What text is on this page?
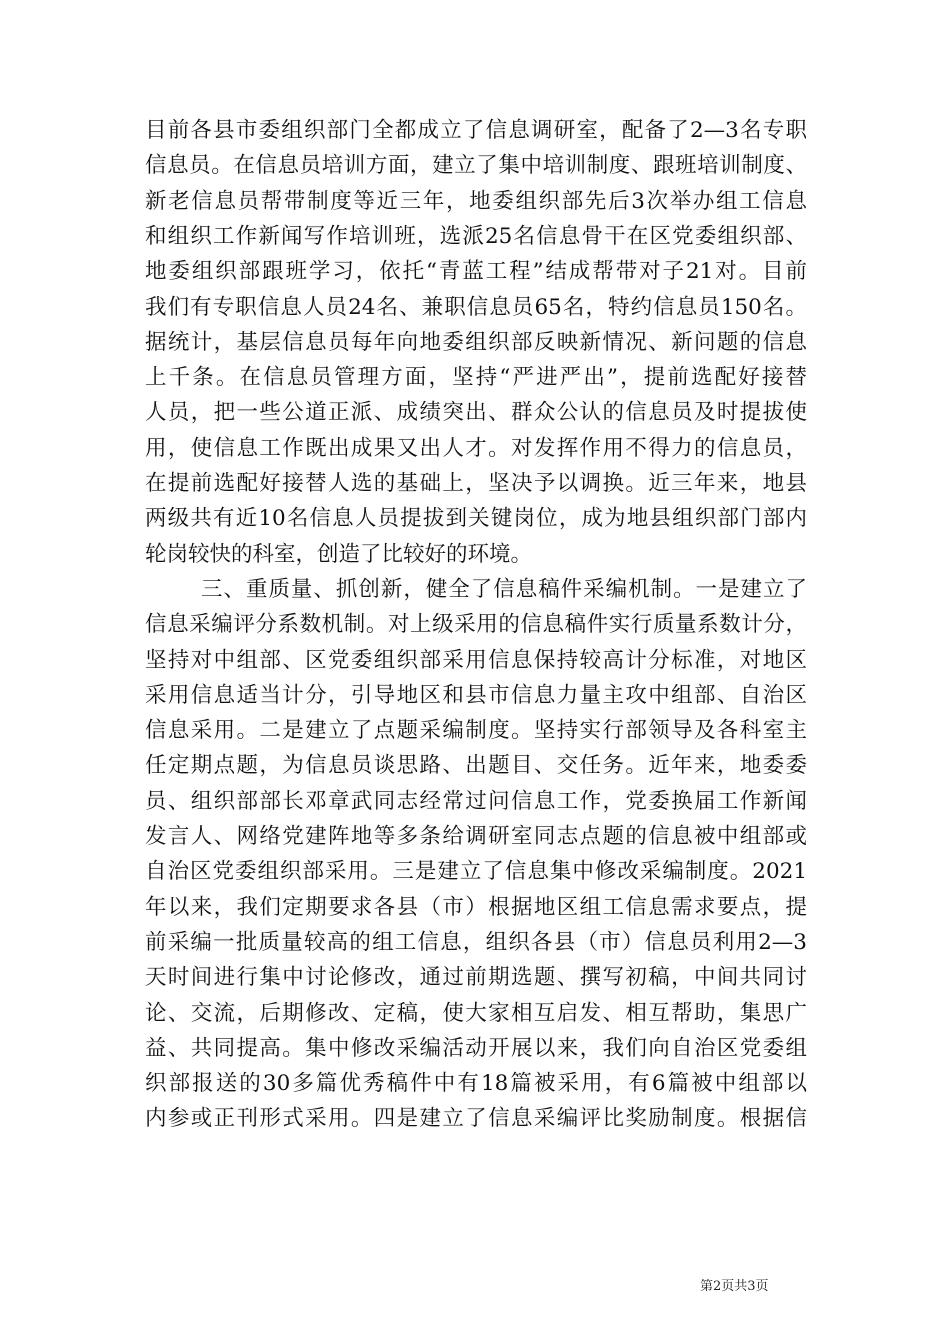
目前各县市委组织部门全都成立了信息调研室，配备了2—3名专职
信息员。在信息员培训方面，建立了集中培训制度、跟班培训制度、
新老信息员帮带制度等近三年，地委组织部先后3次举办组工信息
和组织工作新闻写作培训班，选派25名信息骨干在区党委组织部、
地委组织部跟班学习，依托“青蓝工程”结成帮带对子21对。目前
我们有专职信息人员24名、兼职信息员65名，特约信息员150名。
据统计，基层信息员每年向地委组织部反映新情况、新问题的信息
上千条。在信息员管理方面，坚持“严进严出”，提前选配好接替
人员，把一些公道正派、成绩突出、群众公认的信息员及时提拔使
用，使信息工作既出成果又出人才。对发挥作用不得力的信息员，
在提前选配好接替人选的基础上，坚决予以调换。近三年来，地县
两级共有近10名信息人员提拔到关键岗位，成为地县组织部门部内
轮岗较快的科室，创造了比较好的环境。
三、重质量、抓创新，健全了信息稿件采编机制。一是建立了
信息采编评分系数机制。对上级采用的信息稿件实行质量系数计分，
坚持对中组部、区党委组织部采用信息保持较高计分标准，对地区
采用信息适当计分，引导地区和县市信息力量主攻中组部、自治区
信息采用。二是建立了点题采编制度。坚持实行部领导及各科室主
任定期点题，为信息员谈思路、出题目、交任务。近年来，地委委
员、组织部部长邓章武同志经常过问信息工作，党委换届工作新闻
发言人、网络党建阵地等多条给调研室同志点题的信息被中组部或
自治区党委组织部采用。三是建立了信息集中修改采编制度。2021
年以来，我们定期要求各县（市）根据地区组工信息需求要点，提
前采编一批质量较高的组工信息，组织各县（市）信息员利用2—3
天时间进行集中讨论修改，通过前期选题、撰写初稿，中间共同讨
论、交流，后期修改、定稿，使大家相互启发、相互帮助，集思广
益、共同提高。集中修改采编活动开展以来，我们向自治区党委组
织部报送的30多篇优秀稿件中有18篇被采用，有6篇被中组部以
内参或正刊形式采用。四是建立了信息采编评比奖励制度。根据信
第2页共3页
